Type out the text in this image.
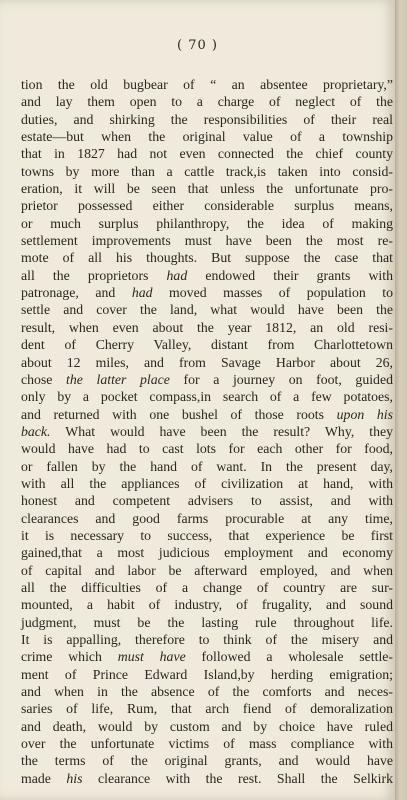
( 70 )
tion the old bugbear of “ an absentee proprietary,”
and lay them open to a charge of neglect of the
duties, and shirking the responsibilities of their real
estate—but when the original value of a township
that in 1827 had not even connected the chief county
towns by more than a cattle track,is taken into consid-
eration, it will be seen that unless the unfortunate pro-
prietor possessed either considerable surplus means,
or much surplus philanthropy, the idea of making
settlement improvements must have been the most re-
mote of all his thoughts. But suppose the case that
all the proprietors had endowed their grants with
patronage, and had moved masses of population to
settle and cover the land, what would have been the
result, when even about the year 1812, an old resi-
dent of Cherry Valley, distant from Charlottetown
about 12 miles, and from Savage Harbor about 26,
chose the latter place for a journey on foot, guided
only by a pocket compass,in search of a few potatoes,
and returned with one bushel of those roots upon his
back. What would have been the result? Why, they
would have had to cast lots for each other for food,
or fallen by the hand of want. In the present day,
with all the appliances of civilization at hand, with
honest and competent advisers to assist, and with
clearances and good farms procurable at any time,
it is necessary to success, that experience be first
gained,that a most judicious employment and economy
of capital and labor be afterward employed, and when
all the difficulties of a change of country are sur-
mounted, a habit of industry, of frugality, and sound
judgment, must be the lasting rule throughout life.
It is appalling, therefore to think of the misery and
crime which must have followed a wholesale settle-
ment of Prince Edward Island,by herding emigration;
and when in the absence of the comforts and neces-
saries of life, Rum, that arch fiend of demoralization
and death, would by custom and by choice have ruled
over the unfortunate victims of mass compliance with
the terms of the original grants, and would have
made his clearance with the rest. Shall the Selkirk
